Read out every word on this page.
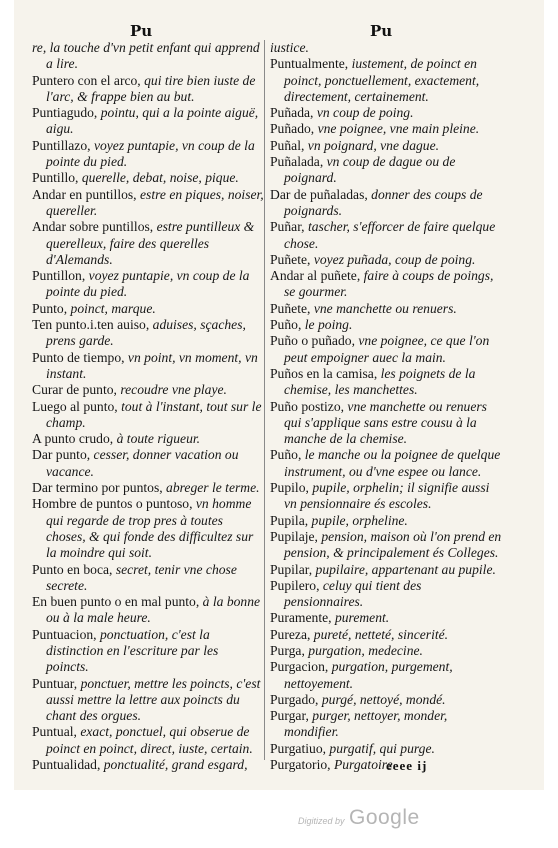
Pu	Pu

re, la touche d'vn petit enfant qui apprend a lire.

Puntero con el arco, qui tire bien iuste de l'arc, & frappe bien au but.

Puntiagudo, pointu, qui a la pointe aiguë, aigu.

Puntillazo, voyez puntapie, vn coup de la pointe du pied.

Puntillo, querelle, debat, noise, pique.

Andar en puntillos, estre en piques, noiser, quereller.

Andar sobre puntillos, estre puntilleux & querelleux, faire des querelles d'Alemands.

Puntillon, voyez puntapie, vn coup de la pointe du pied.

Punto, poinct, marque.

Ten punto.i.ten auiso, aduises, sçaches, prens garde.

Punto de tiempo, vn point, vn moment, vn instant.

Curar de punto, recoudre vne playe.

Luego al punto, tout à l'instant, tout sur le champ.

A punto crudo, à toute rigueur.

Dar punto, cesser, donner vacation ou vacance.

Dar termino por puntos, abreger le terme.

Hombre de puntos o puntoso, vn homme qui regarde de trop pres à toutes choses, & qui fonde des difficultez sur la moindre qui soit.

Punto en boca, secret, tenir vne chose secrete.

En buen punto o en mal punto, à la bonne ou à la male heure.

Puntuacion, ponctuation, c'est la distinction en l'escriture par les poincts.

Puntuar, ponctuer, mettre les poincts, c'est aussi mettre la lettre aux poincts du chant des orgues.

Puntual, exact, ponctuel, qui obserue de poinct en poinct, direct, iuste, certain.

Puntualidad, ponctualité, grand esgard,

iustice.

Puntualmente, iustement, de poinct en poinct, ponctuellement, exactement, directement, certainement.

Puñada, vn coup de poing.

Puñado, vne poignee, vne main pleine.

Puñal, vn poignard, vne dague.

Puñalada, vn coup de dague ou de poignard.

Dar de puñaladas, donner des coups de poignards.

Puñar, tascher, s'efforcer de faire quelque chose.

Puñete, voyez puñada, coup de poing.

Andar al puñete, faire à coups de poings, se gourmer.

Puñete, vne manchette ou renuers.

Puño, le poing.

Puño o puñado, vne poignee, ce que l'on peut empoigner auec la main.

Puños en la camisa, les poignets de la chemise, les manchettes.

Puño postizo, vne manchette ou renuers qui s'applique sans estre cousu à la manche de la chemise.

Puño, le manche ou la poignee de quelque instrument, ou d'vne espee ou lance.

Pupilo, pupile, orphelin; il signifie aussi vn pensionnaire és escoles.

Pupila, pupile, orpheline.

Pupilaje, pension, maison où l'on prend en pension, & principalement és Colleges.

Pupilar, pupilaire, appartenant au pupile.

Pupilero, celuy qui tient des pensionnaires.

Puramente, purement.

Pureza, pureté, netteté, sincerité.

Purga, purgation, medecine.

Purgacion, purgation, purgement, nettoyement.

Purgado, purgé, nettoyé, mondé.

Purgar, purger, nettoyer, monder, mondifier.

Purgatiuo, purgatif, qui purge.

Purgatorio, Purgatoire.

eeee ij
Digitized by Google
